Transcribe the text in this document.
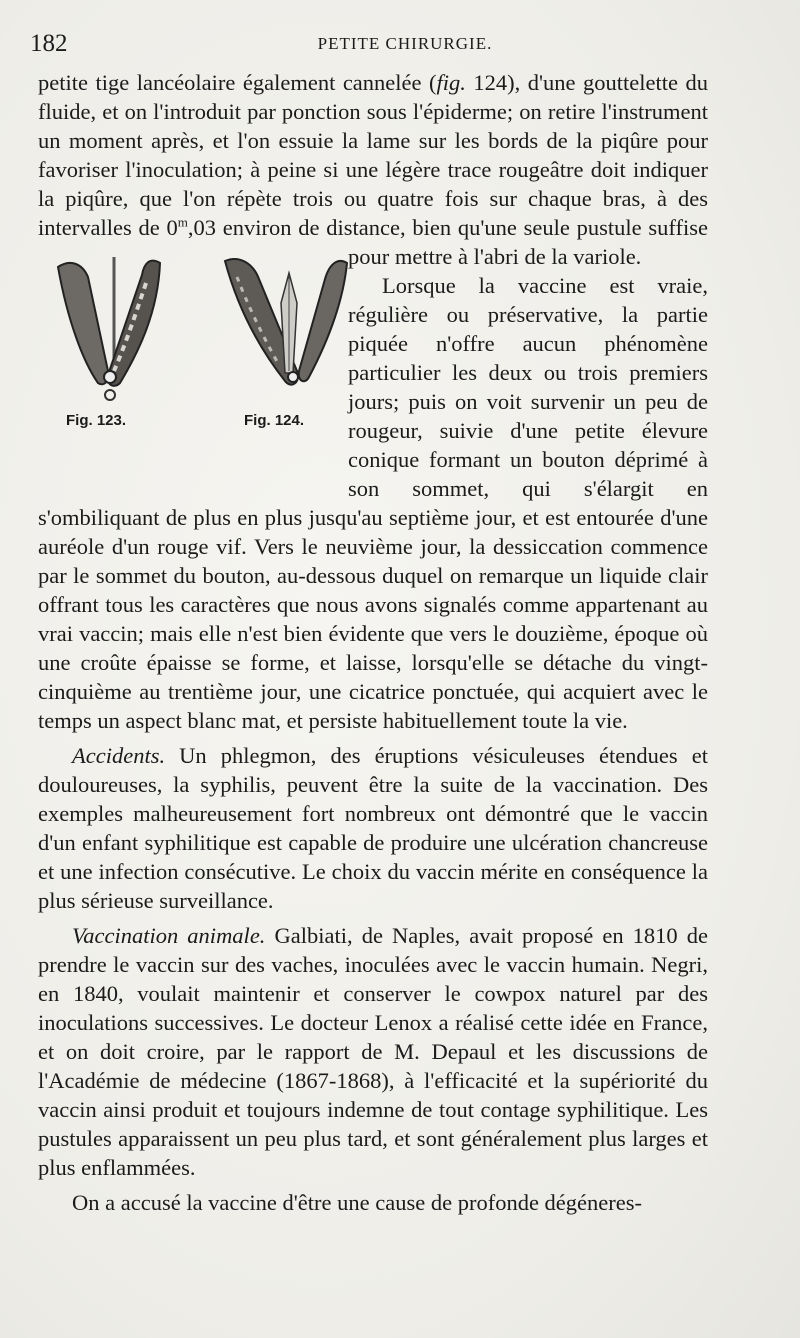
182	PETITE CHIRURGIE.

petite tige lancéolaire également cannelée (fig. 124), d'une gouttelette du fluide, et on l'introduit par ponction sous l'épiderme; on retire l'instrument un moment après, et l'on essuie la lame sur les bords de la piqûre pour favoriser l'inoculation; à peine si une légère trace rougeâtre doit indiquer la piqûre, que l'on répète trois ou quatre fois sur chaque bras, à des intervalles de 0
Fig. 123.	Fig. 124.
$^m$,03 environ de distance, bien qu'une seule pustule suffise pour mettre à l'abri de la variole.

Lorsque la vaccine est vraie, régulière ou préservative, la partie piquée n'offre aucun phénomène particulier les deux ou trois premiers jours; puis on voit survenir un peu de rougeur, suivie d'une petite élevure conique formant un bouton déprimé à son sommet, qui s'élargit en s'ombiliquant de plus en plus jusqu'au septième jour, et est entourée d'une auréole d'un rouge vif. Vers le neuvième jour, la dessiccation commence par le sommet du bouton, au-dessous duquel on remarque un liquide clair offrant tous les caractères que nous avons signalés comme appartenant au vrai vaccin; mais elle n'est bien évidente que vers le douzième, époque où une croûte épaisse se forme, et laisse, lorsqu'elle se détache du vingt-cinquième au trentième jour, une cicatrice ponctuée, qui acquiert avec le temps un aspect blanc mat, et persiste habituellement toute la vie.

Accidents. Un phlegmon, des éruptions vésiculeuses étendues et douloureuses, la syphilis, peuvent être la suite de la vaccination. Des exemples malheureusement fort nombreux ont démontré que le vaccin d'un enfant syphilitique est capable de produire une ulcération chancreuse et une infection consécutive. Le choix du vaccin mérite en conséquence la plus sérieuse surveillance.

Vaccination animale. Galbiati, de Naples, avait proposé en 1810 de prendre le vaccin sur des vaches, inoculées avec le vaccin humain. Negri, en 1840, voulait maintenir et conserver le cowpox naturel par des inoculations successives. Le docteur Lenox a réalisé cette idée en France, et on doit croire, par le rapport de M. Depaul et les discussions de l'Académie de médecine (1867-1868), à l'efficacité et la supériorité du vaccin ainsi produit et toujours indemne de tout contage syphilitique. Les pustules apparaissent un peu plus tard, et sont généralement plus larges et plus enflammées.

On a accusé la vaccine d'être une cause de profonde dégéneres-
